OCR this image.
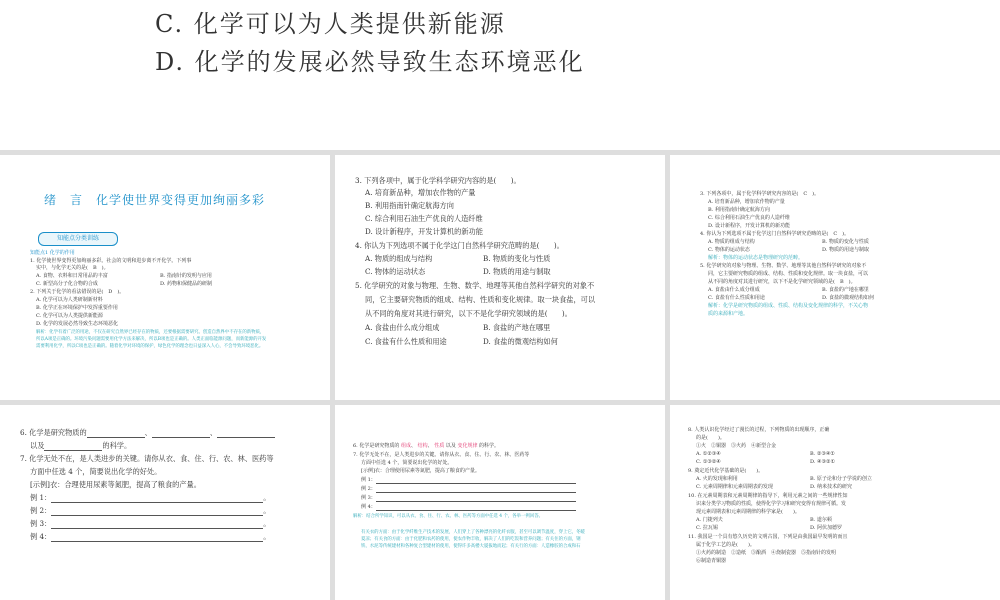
C. 化学可以为人类提供新能源
D. 化学的发展必然导致生态环境恶化
绪　言　化学使世界变得更加绚丽多彩
知能点分类训练
知能点1 化学的作用
1. 化学使世界变得更加绚丽多彩。社会的文明和进步离不开化学。下列事
实中，与化学无关的是(　B　)。
A. 食物、衣料和日常用品的丰富	B. 指南针的发明与应用
C. 新型高分子化合物的合成	D. 药物和保健品的研制
2. 下列关于化学的看法错误的是(　D　)。
A. 化学可以为人类研制新材料
B. 化学正在环境保护中发挥重要作用
C. 化学可以为人类提供新能源
D. 化学的发展必然导致生态环境恶化
解析：化学有着广泛的用途，不仅在研究自然界已经存在的物质，还要根据需要研究、创造自然界中不存在的新物质，所以A项是正确的。环境污染问题需要用化学方法来解决，所以B项也是正确的。人类正面临能源问题，而新能源的开发需要利用化学，所以C项也是正确的。随着化学对环境的保护，绿色化学的理念也日益深入人心，不会导致环境恶化。
3. 下列各项中，属于化学科学研究内容的是(　　)。
A. 培育新品种，增加农作物的产量
B. 利用指南针确定航海方向
C. 综合利用石油生产优良的人造纤维
D. 设计新程序，开发计算机的新功能
4. 你认为下列选项不属于化学这门自然科学研究范畴的是(　　)。
A. 物质的组成与结构	B. 物质的变化与性质
C. 物体的运动状态	D. 物质的用途与制取
5. 化学研究的对象与物理、生物、数学、地理等其他自然科学研究的对象不
同，它主要研究物质的组成、结构、性质和变化规律。取一块食盐，可以
从不同的角度对其进行研究，以下不是化学研究领域的是(　　)。
A. 食盐由什么成分组成	B. 食盐的产地在哪里
C. 食盐有什么性质和用途	D. 食盐的微观结构如何
3. 下列各项中，属于化学科学研究内容的是(　C　)。
A. 培育新品种，增加农作物的产量
B. 利用指南针确定航海方向
C. 综合利用石油生产优良的人造纤维
D. 设计新程序，开发计算机的新功能
4. 你认为下列选项不属于化学这门自然科学研究范畴的是(　C　)。
A. 物质的组成与结构	B. 物质的变化与性质
C. 物体的运动状态	D. 物质的用途与制取
解析：物体的运动状态是物理研究的范畴。
5. 化学研究的对象与物理、生物、数学、地理等其他自然科学研究的对象不
同，它主要研究物质的组成、结构、性质和变化规律。取一块食盐，可以
从不同的角度对其进行研究，以下不是化学研究领域的是(　B　)。
A. 食盐由什么成分组成	B. 食盐的产地在哪里
C. 食盐有什么性质和用途	D. 食盐的微观结构如何
解析：化学是研究物质的组成、性质、结构及变化规律的科学，不关心物
质的来源和产地。
6. 化学是研究物质的	、	、
以及	的科学。
7. 化学无处不在，是人类进步的关键。请你从衣、食、住、行、农、林、医药等
方面中任选 4 个，简要说出化学的好处。
[示例]衣：合理使用尿素等氮肥，提高了粮食的产量。
例 1：	。
例 2：	。
例 3：	。
例 4：	。
6. 化学是研究物质的 组成、 结构、 性质 以及 变化规律 的科学。
7. 化学无处不在，是人类进步的关键。请你从衣、食、住、行、农、林、医药等
方面中任选 4 个，简要说出化学的好处。
[示例]衣：合理使用尿素等氮肥，提高了粮食的产量。
例 1：
例 2：
例 3：
例 4：
解析：结合所学知识，可以从衣、食、住、行、农、林、医药等方面中任选 4 个，各举一例回答。
有关衣的方面：由于化学纤维生产技术的发展，人们穿上了各种漂亮的化纤衣服，甚至可以调节温度，穿上它，冬暖夏凉；有关食的方面：由于化肥和农药的使用，使农作物丰收，解决了人们的吃饭和营养问题；有关住的方面，钢铁、水泥等传统建材和各种复合型建材的使用，使得许多高楼大厦拔地而起；有关行的方面：人造橡胶的合成和石
8. 人类认识化学经过了漫长的过程，下列物质的出现顺序，正确
的是(　　)。
①火　②铜器　③火药　④新型合金
A. ①②③④	B. ②③④①
C. ①③②④	D. ④③②①
9. 奠定近代化学基础的是(　　)。
A. 火的发现和利用	B. 原子论和分子学说的创立
C. 元素周期律和元素周期表的发现	D. 纳米技术的研究
10. 在元素周期表和元素周期律的指导下，利用元素之间的一些规律性知
识来分类学习物质的性质，使得化学学习和研究变得有规律可循。发
现元素周期表和元素周期律的科学家是(　　)。
A. 门捷列夫	B. 道尔顿
C. 拉瓦锡	D. 阿伏加德罗
11. 我国是一个具有悠久历史的文明古国，下列是由我国最早发明的而且
属于化学工艺的是(　　)。
①火药的制造　②造纸　③酿酒　④烧制瓷器　⑤指南针的发明
⑥制造青铜器
